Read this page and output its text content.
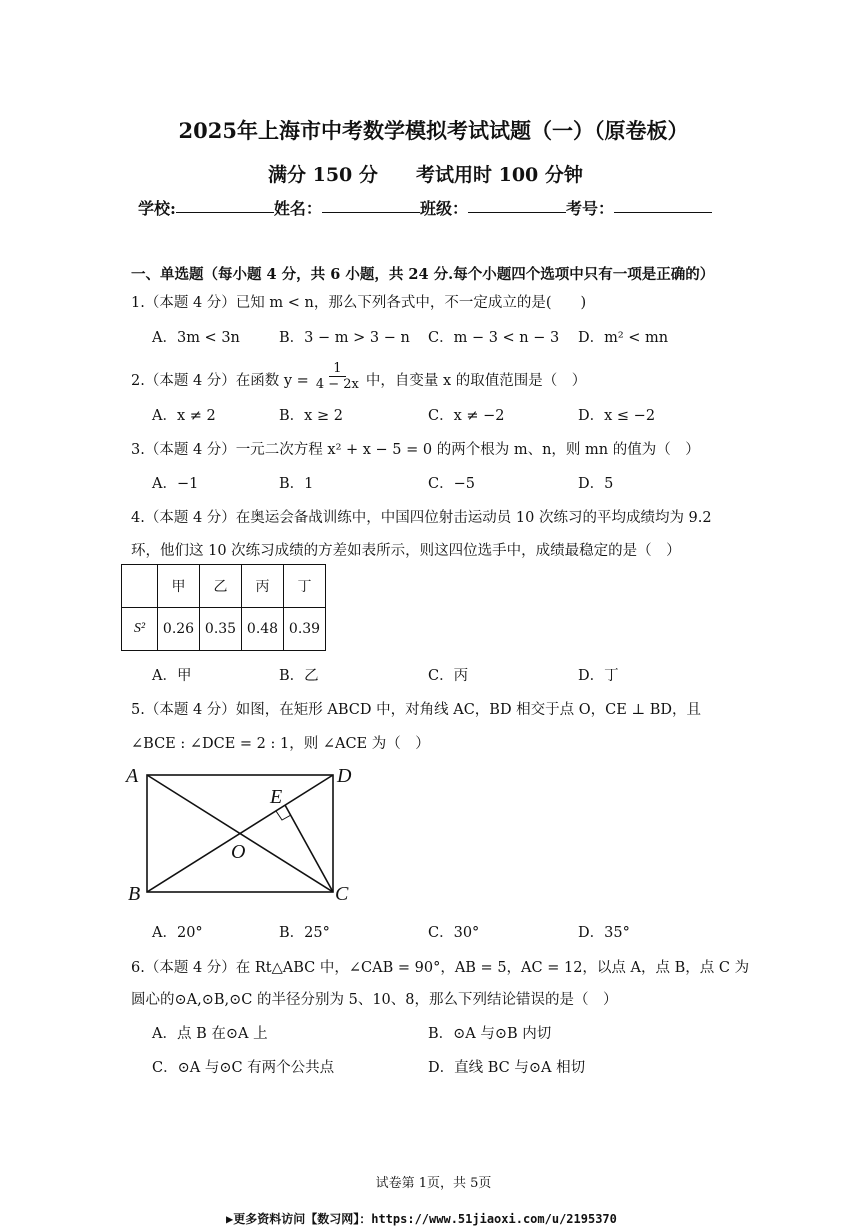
2025年上海市中考数学模拟考试试题（一）（原卷板）
满分 150 分	考试用时 100 分钟
学校:	姓名：	班级：	考号：
一、单选题（每小题 4 分，共 6 小题，共 24 分.每个小题四个选项中只有一项是正确的）
1.（本题 4 分）已知 m < n，那么下列各式中，不一定成立的是(　　)
A．3m < 3n	B．3 − m > 3 − n C．m − 3 < n − 3 D．m² < mn
2.（本题 4 分）在函数 $y = \frac{1}{4 - 2x}$ 中，自变量 x 的取值范围是（　）
A．x ≠ 2	B．x ≥ 2	C．x ≠ −2	D．x ≤ −2
3.（本题 4 分）一元二次方程 x² + x − 5 = 0 的两个根为 m、n，则 mn 的值为（　）
A．−1	B．1	C．−5	D．5
4.（本题 4 分）在奥运会备战训练中，中国四位射击运动员 10 次练习的平均成绩均为 9.2
环，他们这 10 次练习成绩的方差如表所示，则这四位选手中，成绩最稳定的是（　）
	甲	乙	丙	丁
S²	0.26	0.35	0.48	0.39
A．甲	B．乙	C．丙	D．丁
5.（本题 4 分）如图，在矩形 ABCD 中，对角线 AC，BD 相交于点 O，CE ⊥ BD，且
∠BCE : ∠DCE = 2 : 1，则 ∠ACE 为（　）
A	D
E
O
B	C
A．20°	B．25°	C．30°	D．35°
6.（本题 4 分）在 Rt△ABC 中，∠CAB = 90°，AB = 5，AC = 12，以点 A，点 B，点 C 为
圆心的⊙A,⊙B,⊙C 的半径分别为 5、10、8，那么下列结论错误的是（　）
A．点 B 在⊙A 上	B．⊙A 与⊙B 内切
C．⊙A 与⊙C 有两个公共点	D．直线 BC 与⊙A 相切
试卷第 1页，共 5页
▶更多资料访问【数习网】：https://www.51jiaoxi.com/u/2195370
